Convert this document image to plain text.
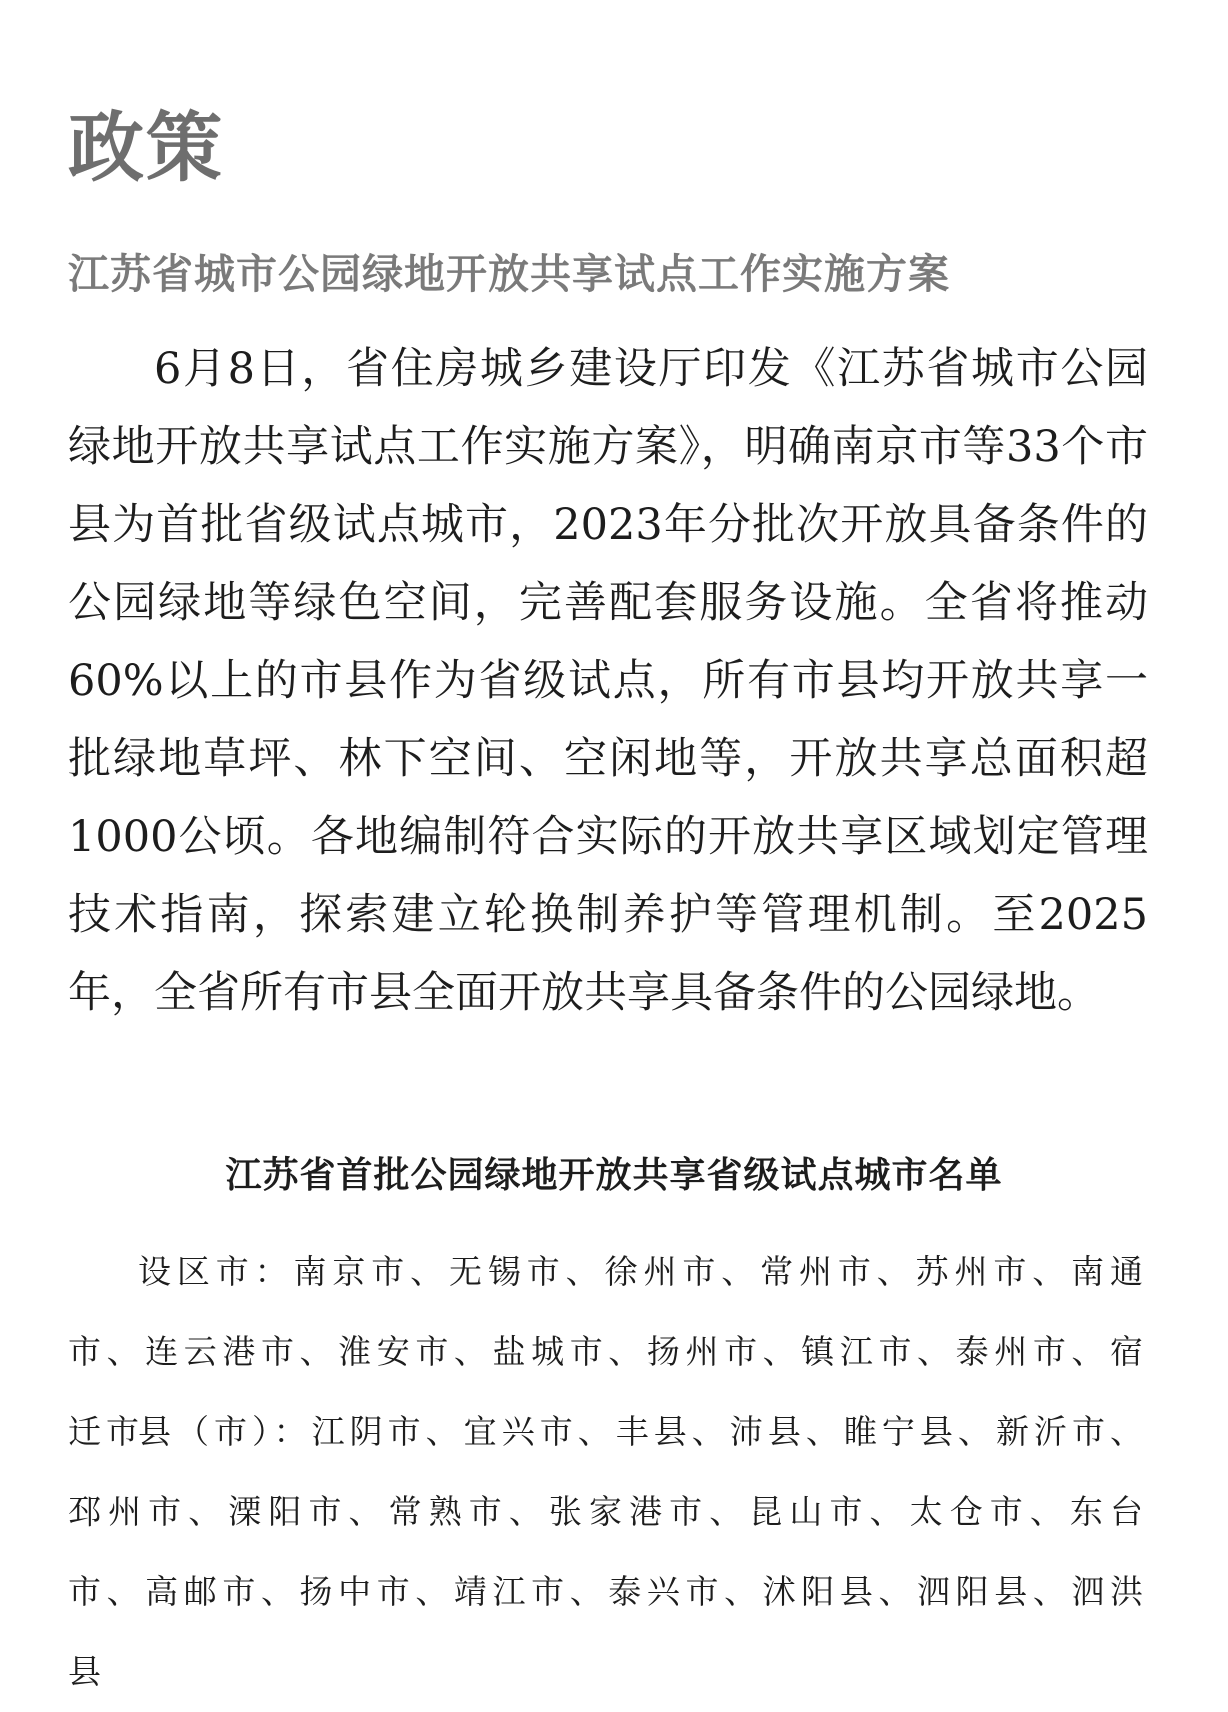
政策
江苏省城市公园绿地开放共享试点工作实施方案

6月8日，省住房城乡建设厅印发《江苏省城市公园绿地开放共享试点工作实施方案》，明确南京市等33个市县为首批省级试点城市，2023年分批次开放具备条件的公园绿地等绿色空间，完善配套服务设施。全省将推动60%以上的市县作为省级试点，所有市县均开放共享一批绿地草坪、林下空间、空闲地等，开放共享总面积超1000公顷。各地编制符合实际的开放共享区域划定管理技术指南，探索建立轮换制养护等管理机制。至2025年，全省所有市县全面开放共享具备条件的公园绿地。

江苏省首批公园绿地开放共享省级试点城市名单

设区市：南京市、无锡市、徐州市、常州市、苏州市、南通市、连云港市、淮安市、盐城市、扬州市、镇江市、泰州市、宿迁市

县（市）：江阴市、宜兴市、丰县、沛县、睢宁县、新沂市、邳州市、溧阳市、常熟市、张家港市、昆山市、太仓市、东台市、高邮市、扬中市、靖江市、泰兴市、沭阳县、泗阳县、泗洪县
